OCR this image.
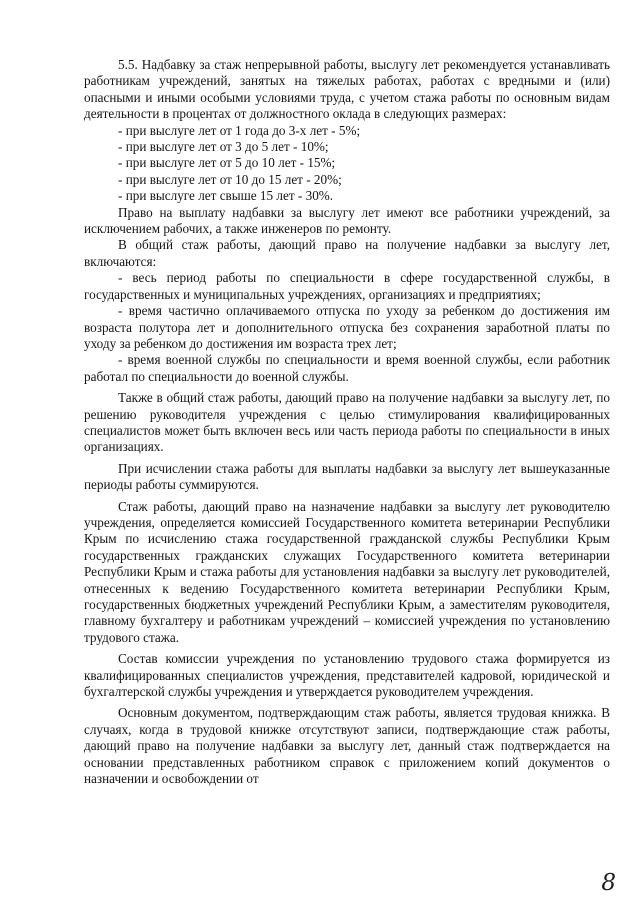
5.5. Надбавку за стаж непрерывной работы, выслугу лет рекомендуется устанавливать работникам учреждений, занятых на тяжелых работах, работах с вредными и (или) опасными и иными особыми условиями труда, с учетом стажа работы по основным видам деятельности в процентах от должностного оклада в следующих размерах:

- при выслуге лет от 1 года до 3-х лет - 5%;

- при выслуге лет от 3 до 5 лет - 10%;

- при выслуге лет от 5 до 10 лет - 15%;

- при выслуге лет от 10 до 15 лет - 20%;

- при выслуге лет свыше 15 лет - 30%.

Право на выплату надбавки за выслугу лет имеют все работники учреждений, за исключением рабочих, а также инженеров по ремонту.

В общий стаж работы, дающий право на получение надбавки за выслугу лет, включаются:

- весь период работы по специальности в сфере государственной службы, в государственных и муниципальных учреждениях, организациях и предприятиях;

- время частично оплачиваемого отпуска по уходу за ребенком до достижения им возраста полутора лет и дополнительного отпуска без сохранения заработной платы по уходу за ребенком до достижения им возраста трех лет;

- время военной службы по специальности и время военной службы, если работник работал по специальности до военной службы.

Также в общий стаж работы, дающий право на получение надбавки за выслугу лет, по решению руководителя учреждения с целью стимулирования квалифицированных специалистов может быть включен весь или часть периода работы по специальности в иных организациях.

При исчислении стажа работы для выплаты надбавки за выслугу лет вышеуказанные периоды работы суммируются.

Стаж работы, дающий право на назначение надбавки за выслугу лет руководителю учреждения, определяется комиссией Государственного комитета ветеринарии Республики Крым по исчислению стажа государственной гражданской службы Республики Крым государственных гражданских служащих Государственного комитета ветеринарии Республики Крым и стажа работы для установления надбавки за выслугу лет руководителей, отнесенных к ведению Государственного комитета ветеринарии Республики Крым, государственных бюджетных учреждений Республики Крым, а заместителям руководителя, главному бухгалтеру и работникам учреждений – комиссией учреждения по установлению трудового стажа.

Состав комиссии учреждения по установлению трудового стажа формируется из квалифицированных специалистов учреждения, представителей кадровой, юридической и бухгалтерской службы учреждения и утверждается руководителем учреждения.

Основным документом, подтверждающим стаж работы, является трудовая книжка. В случаях, когда в трудовой книжке отсутствуют записи, подтверждающие стаж работы, дающий право на получение надбавки за выслугу лет, данный стаж подтверждается на основании представленных работником справок с приложением копий документов о назначении и освобождении от

8
